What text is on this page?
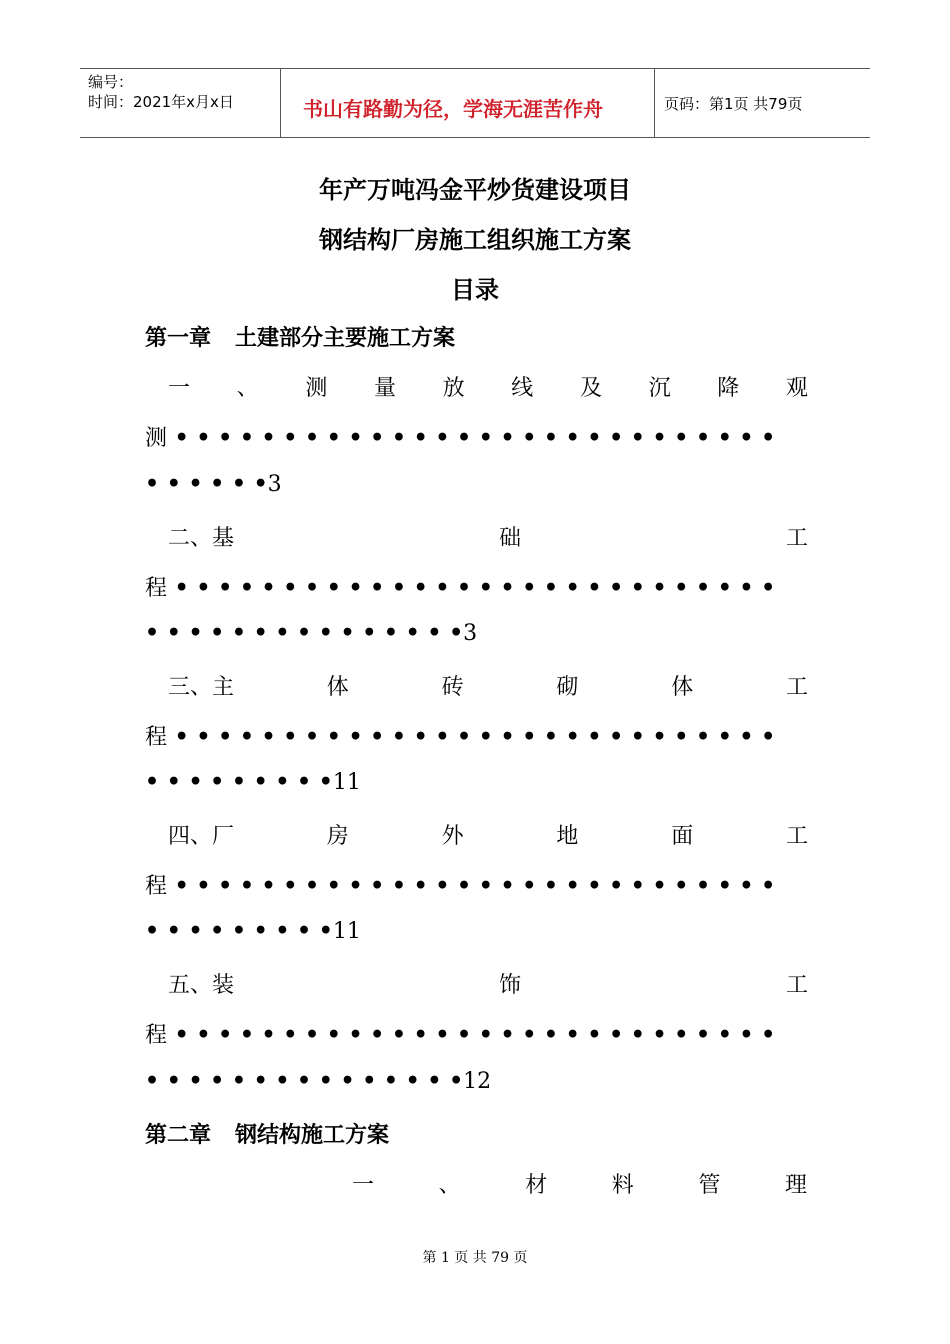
编号：
时间：2021年x月x日	书山有路勤为径，学海无涯苦作舟	页码：第1页 共79页
年产万吨冯金平炒货建设项目
钢结构厂房施工组织施工方案
目录
第一章 土建部分主要施工方案
一 、 测 量 放 线 及 沉 降 观
测 • • • • • • • • • • • • • • • • • • • • • • • • • • • •
• • • • • •3
二、基	础	工
程 • • • • • • • • • • • • • • • • • • • • • • • • • • • •
• • • • • • • • • • • • • • •3
三、主	体	砖	砌	体	工
程 • • • • • • • • • • • • • • • • • • • • • • • • • • • •
• • • • • • • • •11
四、厂	房	外	地	面	工
程 • • • • • • • • • • • • • • • • • • • • • • • • • • • •
• • • • • • • • •11
五、装	饰	工
程 • • • • • • • • • • • • • • • • • • • • • • • • • • • •
• • • • • • • • • • • • • • •12
第二章 钢结构施工方案
一	、	材	料	管	理
第 1 页 共 79 页
